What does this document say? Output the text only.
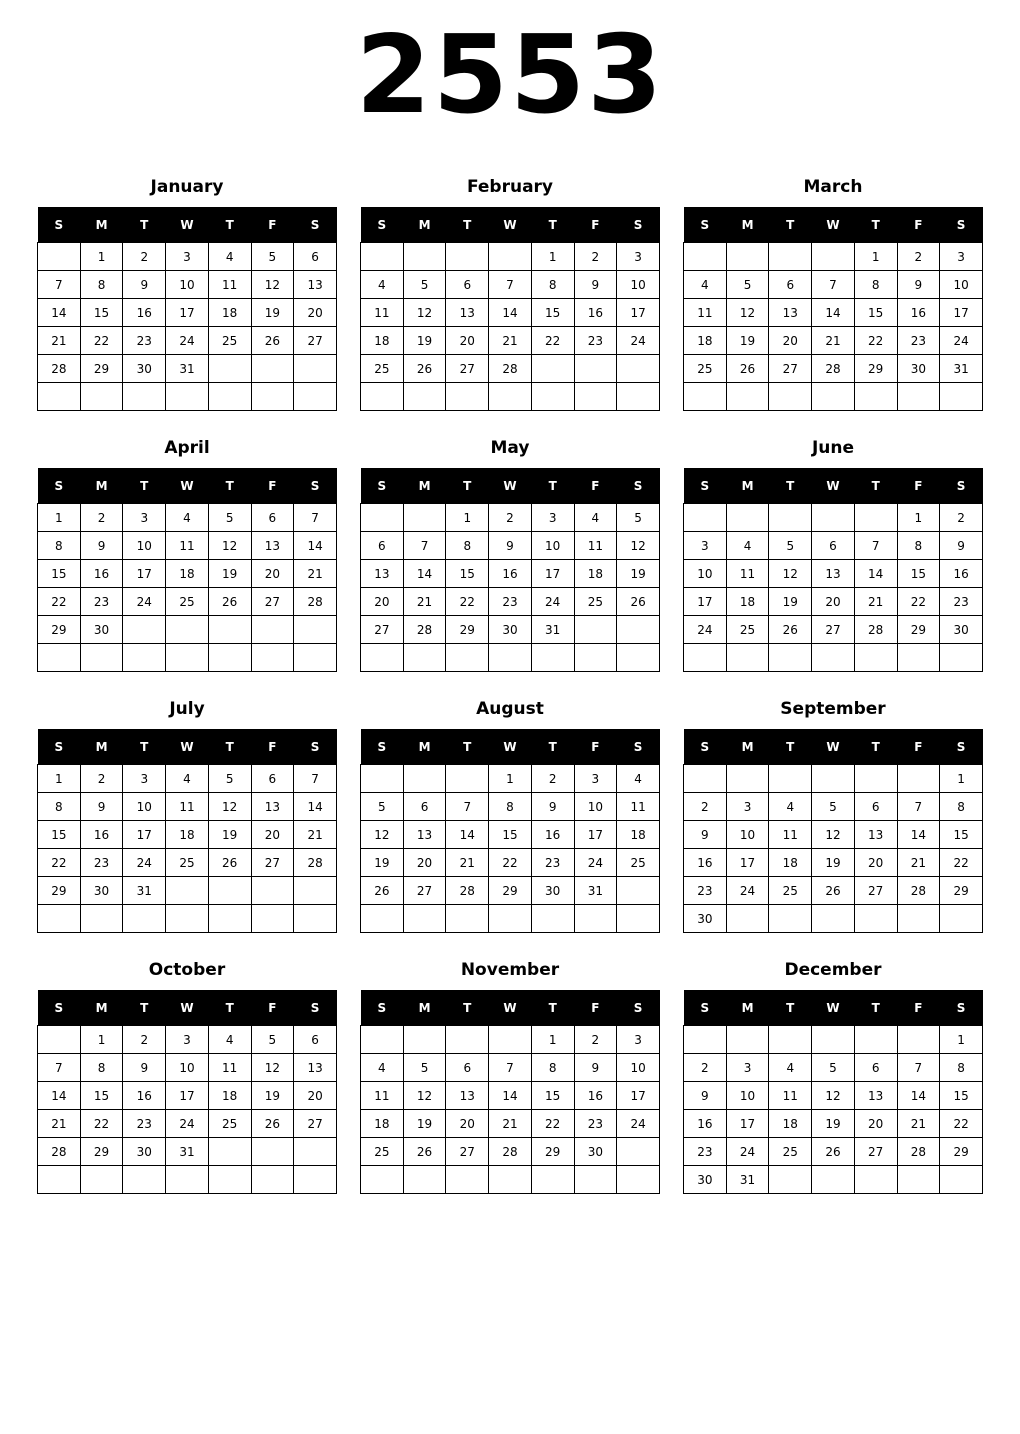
2553
January
S	M	T	W	T	F	S
	1	2	3	4	5	6
7	8	9	10	11	12	13
14	15	16	17	18	19	20
21	22	23	24	25	26	27
28	29	30	31			

February
S	M	T	W	T	F	S
				1	2	3
4	5	6	7	8	9	10
11	12	13	14	15	16	17
18	19	20	21	22	23	24
25	26	27	28			

March
S	M	T	W	T	F	S
				1	2	3
4	5	6	7	8	9	10
11	12	13	14	15	16	17
18	19	20	21	22	23	24
25	26	27	28	29	30	31

April
S	M	T	W	T	F	S
1	2	3	4	5	6	7
8	9	10	11	12	13	14
15	16	17	18	19	20	21
22	23	24	25	26	27	28
29	30					

May
S	M	T	W	T	F	S
		1	2	3	4	5
6	7	8	9	10	11	12
13	14	15	16	17	18	19
20	21	22	23	24	25	26
27	28	29	30	31		

June
S	M	T	W	T	F	S
					1	2
3	4	5	6	7	8	9
10	11	12	13	14	15	16
17	18	19	20	21	22	23
24	25	26	27	28	29	30

July
S	M	T	W	T	F	S
1	2	3	4	5	6	7
8	9	10	11	12	13	14
15	16	17	18	19	20	21
22	23	24	25	26	27	28
29	30	31				

August
S	M	T	W	T	F	S
			1	2	3	4
5	6	7	8	9	10	11
12	13	14	15	16	17	18
19	20	21	22	23	24	25
26	27	28	29	30	31	

September
S	M	T	W	T	F	S
						1
2	3	4	5	6	7	8
9	10	11	12	13	14	15
16	17	18	19	20	21	22
23	24	25	26	27	28	29
30						
October
S	M	T	W	T	F	S
	1	2	3	4	5	6
7	8	9	10	11	12	13
14	15	16	17	18	19	20
21	22	23	24	25	26	27
28	29	30	31			

November
S	M	T	W	T	F	S
				1	2	3
4	5	6	7	8	9	10
11	12	13	14	15	16	17
18	19	20	21	22	23	24
25	26	27	28	29	30	

December
S	M	T	W	T	F	S
						1
2	3	4	5	6	7	8
9	10	11	12	13	14	15
16	17	18	19	20	21	22
23	24	25	26	27	28	29
30	31					
